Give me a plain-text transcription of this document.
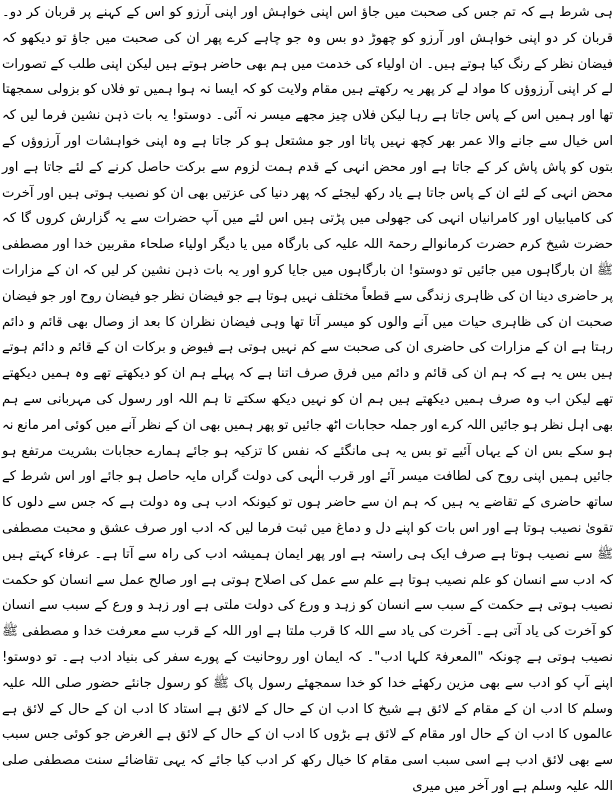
ہی شرط ہے کہ تم جس کی صحبت میں جاؤ اس اپنی خواہش اور اپنی آرزو کو اس کے کہنے پر قربان کر دو۔ قربان کر دو اپنی خواہش اور آرزو کو چھوڑ دو بس وہ جو چاہے کرے پھر ان کی صحبت میں جاؤ تو دیکھو کہ فیضان نظر کے رنگ کیا ہوتے ہیں۔ ان اولیاء کی خدمت میں ہم بھی حاضر ہوتے ہیں لیکن اپنی طلب کے تصورات لے کر اپنی آرزوؤں کا مواد لے کر پھر یہ رکھتے ہیں مقام ولایت کو کہ ایسا نہ ہوا ہمیں تو فلاں کو بزولی سمجھتا تھا اور ہمیں اس کے پاس جاتا ہے رہا لیکن فلاں چیز مجھے میسر نہ آئی۔ دوستو! یہ بات ذہن نشین فرما لیں کہ اس خیال سے جانے والا عمر بھر کچھ نہیں پاتا اور جو مشتعل ہو کر جاتا ہے وہ اپنی خواہشات اور آرزوؤں کے بتوں کو پاش پاش کر کے جاتا ہے اور محض انہی کے قدم ہمت لزوم سے برکت حاصل کرنے کے لئے جاتا ہے اور محض انہی کے لئے ان کے پاس جاتا ہے یاد رکھ لیجئے کہ پھر دنیا کی عزتیں بھی ان کو نصیب ہوتی ہیں اور آخرت کی کامیابیاں اور کامرانیاں انہی کی جھولی میں پڑتی ہیں اس لئے میں آپ حضرات سے یہ گزارش کروں گا کہ حضرت شیخ کرم حضرت کرمانوالے رحمۃ اللہ علیہ کی بارگاہ میں یا دیگر اولیاء صلحاء مقربین خدا اور مصطفی ﷺ ان بارگاہوں میں جائیں تو دوستو! ان بارگاہوں میں جایا کرو اور یہ بات ذہن نشین کر لیں کہ ان کے مزارات پر حاضری دینا ان کی ظاہری زندگی سے قطعاً مختلف نہیں ہوتا ہے جو فیضان نظر جو فیضان روح اور جو فیضان صحبت ان کی ظاہری حیات میں آنے والوں کو میسر آتا تھا وہی فیضان نظران کا بعد از وصال بھی قائم و دائم رہتا ہے ان کے مزارات کی حاضری ان کی صحبت سے کم نہیں ہوتی ہے فیوض و برکات ان کے قائم و دائم ہوتے ہیں بس یہ ہے کہ ہم ان کی قائم و دائم میں فرق صرف اتنا ہے کہ پہلے ہم ان کو دیکھتے تھے وہ ہمیں دیکھتے تھے لیکن اب وہ صرف ہمیں دیکھتے ہیں ہم ان کو نہیں دیکھ سکتے تا ہم اللہ اور رسول کی مہربانی سے ہم بھی اہل نظر ہو جائیں اللہ کرے اور جملہ حجابات اٹھ جائیں تو پھر ہمیں بھی ان کے نظر آنے میں کوئی امر مانع نہ ہو سکے بس ان کے یہاں آئیے تو بس یہ ہی مانگئے کہ نفس کا تزکیہ ہو جائے ہمارے حجابات بشریت مرتفع ہو جائیں ہمیں اپنی روح کی لطافت میسر آئے اور قرب الٰہی کی دولت گراں مایہ حاصل ہو جائے اور اس شرط کے ساتھ حاضری کے تقاضے یہ ہیں کہ ہم ان سے حاضر ہوں تو کیونکہ ادب ہی وہ دولت ہے کہ جس سے دلوں کا تقویٰ نصیب ہوتا ہے اور اس بات کو اپنے دل و دماغ میں ثبت فرما لیں کہ ادب اور صرف عشق و محبت مصطفی ﷺ سے نصیب ہوتا ہے صرف ایک ہی راستہ ہے اور پھر ایمان ہمیشہ ادب کی راہ سے آتا ہے۔ عرفاء کہتے ہیں کہ ادب سے انسان کو علم نصیب ہوتا ہے علم سے عمل کی اصلاح ہوتی ہے اور صالح عمل سے انسان کو حکمت نصیب ہوتی ہے حکمت کے سبب سے انسان کو زہد و ورع کی دولت ملتی ہے اور زہد و ورع کے سبب سے انسان کو آخرت کی یاد آتی ہے۔ آخرت کی یاد سے اللہ کا قرب ملتا ہے اور اللہ کے قرب سے معرفت خدا و مصطفی ﷺ نصیب ہوتی ہے چونکہ "المعرفۃ کلہا ادب"۔ کہ ایمان اور روحانیت کے پورے سفر کی بنیاد ادب ہے۔ تو دوستو! اپنے آپ کو ادب سے بھی مزین رکھئے خدا کو خدا سمجھئے رسول پاک ﷺ کو رسول جانئے حضور صلی اللہ علیہ وسلم کا ادب ان کے مقام کے لائق ہے شیخ کا ادب ان کے حال کے لائق ہے استاد کا ادب ان کے حال کے لائق ہے عالموں کا ادب ان کے حال اور مقام کے لائق ہے بڑوں کا ادب ان کے حال کے لائق ہے الغرض جو کوئی جس سبب سے بھی لائق ادب ہے اسی سبب اسی مقام کا خیال رکھ کر ادب کیا جائے کہ یہی تقاضائے سنت مصطفی صلی اللہ علیہ وسلم ہے اور آخر میں میری
